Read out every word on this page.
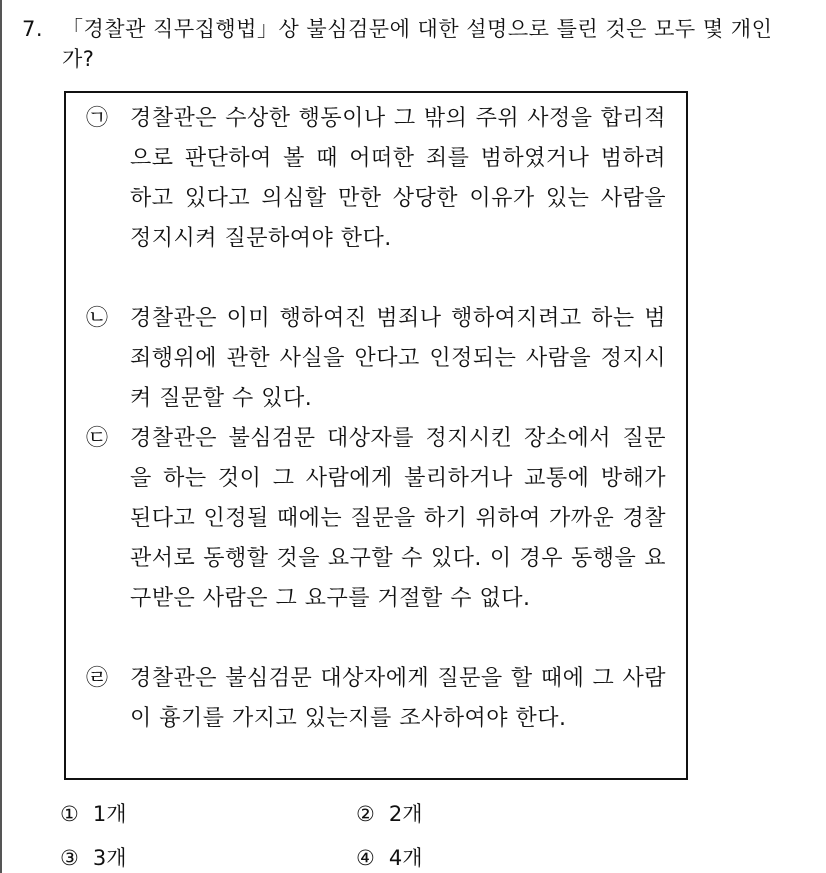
7. 「경찰관 직무집행법」상 불심검문에 대한 설명으로 틀린 것은 모두 몇 개인가?
㉠ 경찰관은 수상한 행동이나 그 밖의 주위 사정을 합리적으로 판단하여 볼 때 어떠한 죄를 범하였거나 범하려 하고 있다고 의심할 만한 상당한 이유가 있는 사람을 정지시켜 질문하여야 한다.
㉡ 경찰관은 이미 행하여진 범죄나 행하여지려고 하는 범죄행위에 관한 사실을 안다고 인정되는 사람을 정지시켜 질문할 수 있다.
㉢ 경찰관은 불심검문 대상자를 정지시킨 장소에서 질문을 하는 것이 그 사람에게 불리하거나 교통에 방해가 된다고 인정될 때에는 질문을 하기 위하여 가까운 경찰관서로 동행할 것을 요구할 수 있다. 이 경우 동행을 요구받은 사람은 그 요구를 거절할 수 없다.
㉣ 경찰관은 불심검문 대상자에게 질문을 할 때에 그 사람이 흉기를 가지고 있는지를 조사하여야 한다.
① 1개	② 2개
③ 3개	④ 4개
